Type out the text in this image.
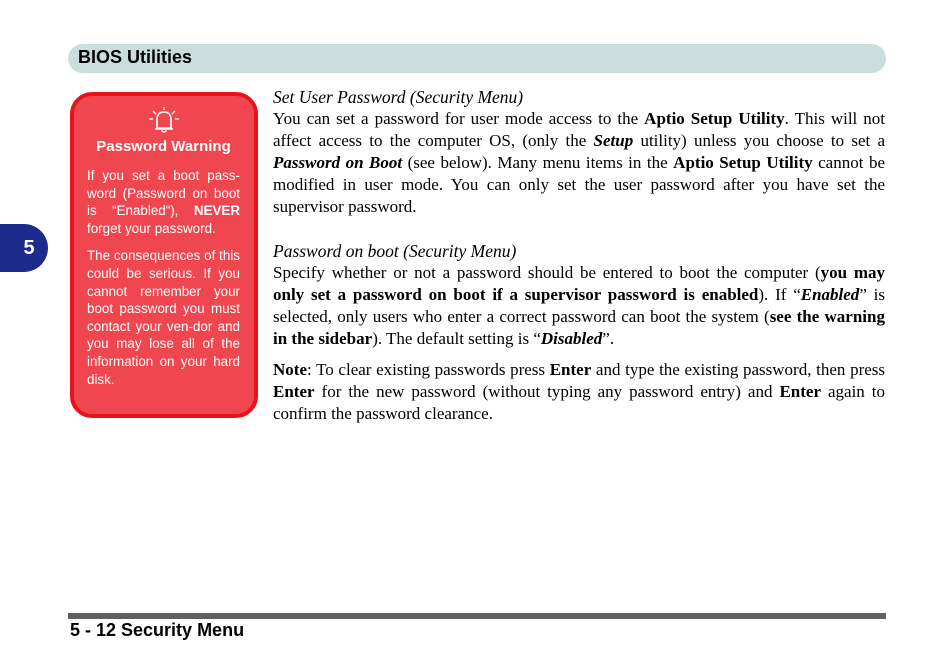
BIOS Utilities
5
Password Warning

If you set a boot pass-word (Password on boot is “Enabled“), NEVER forget your password.

The consequences of this could be serious. If you cannot remember your boot password you must contact your ven-dor and you may lose all of the information on your hard disk.

Set User Password (Security Menu)

You can set a password for user mode access to the Aptio Setup Utility. This will not affect access to the computer OS, (only the Setup utility) unless you choose to set a Password on Boot (see below). Many menu items in the Aptio Setup Utility cannot be modified in user mode. You can only set the user password after you have set the supervisor password.

Password on boot (Security Menu)

Specify whether or not a password should be entered to boot the computer (you may only set a password on boot if a supervisor password is enabled). If “Enabled” is selected, only users who enter a correct password can boot the system (see the warning in the sidebar). The default setting is “Disabled”.

Note: To clear existing passwords press Enter and type the existing password, then press Enter for the new password (without typing any password entry) and Enter again to confirm the password clearance.

5 - 12 Security Menu
